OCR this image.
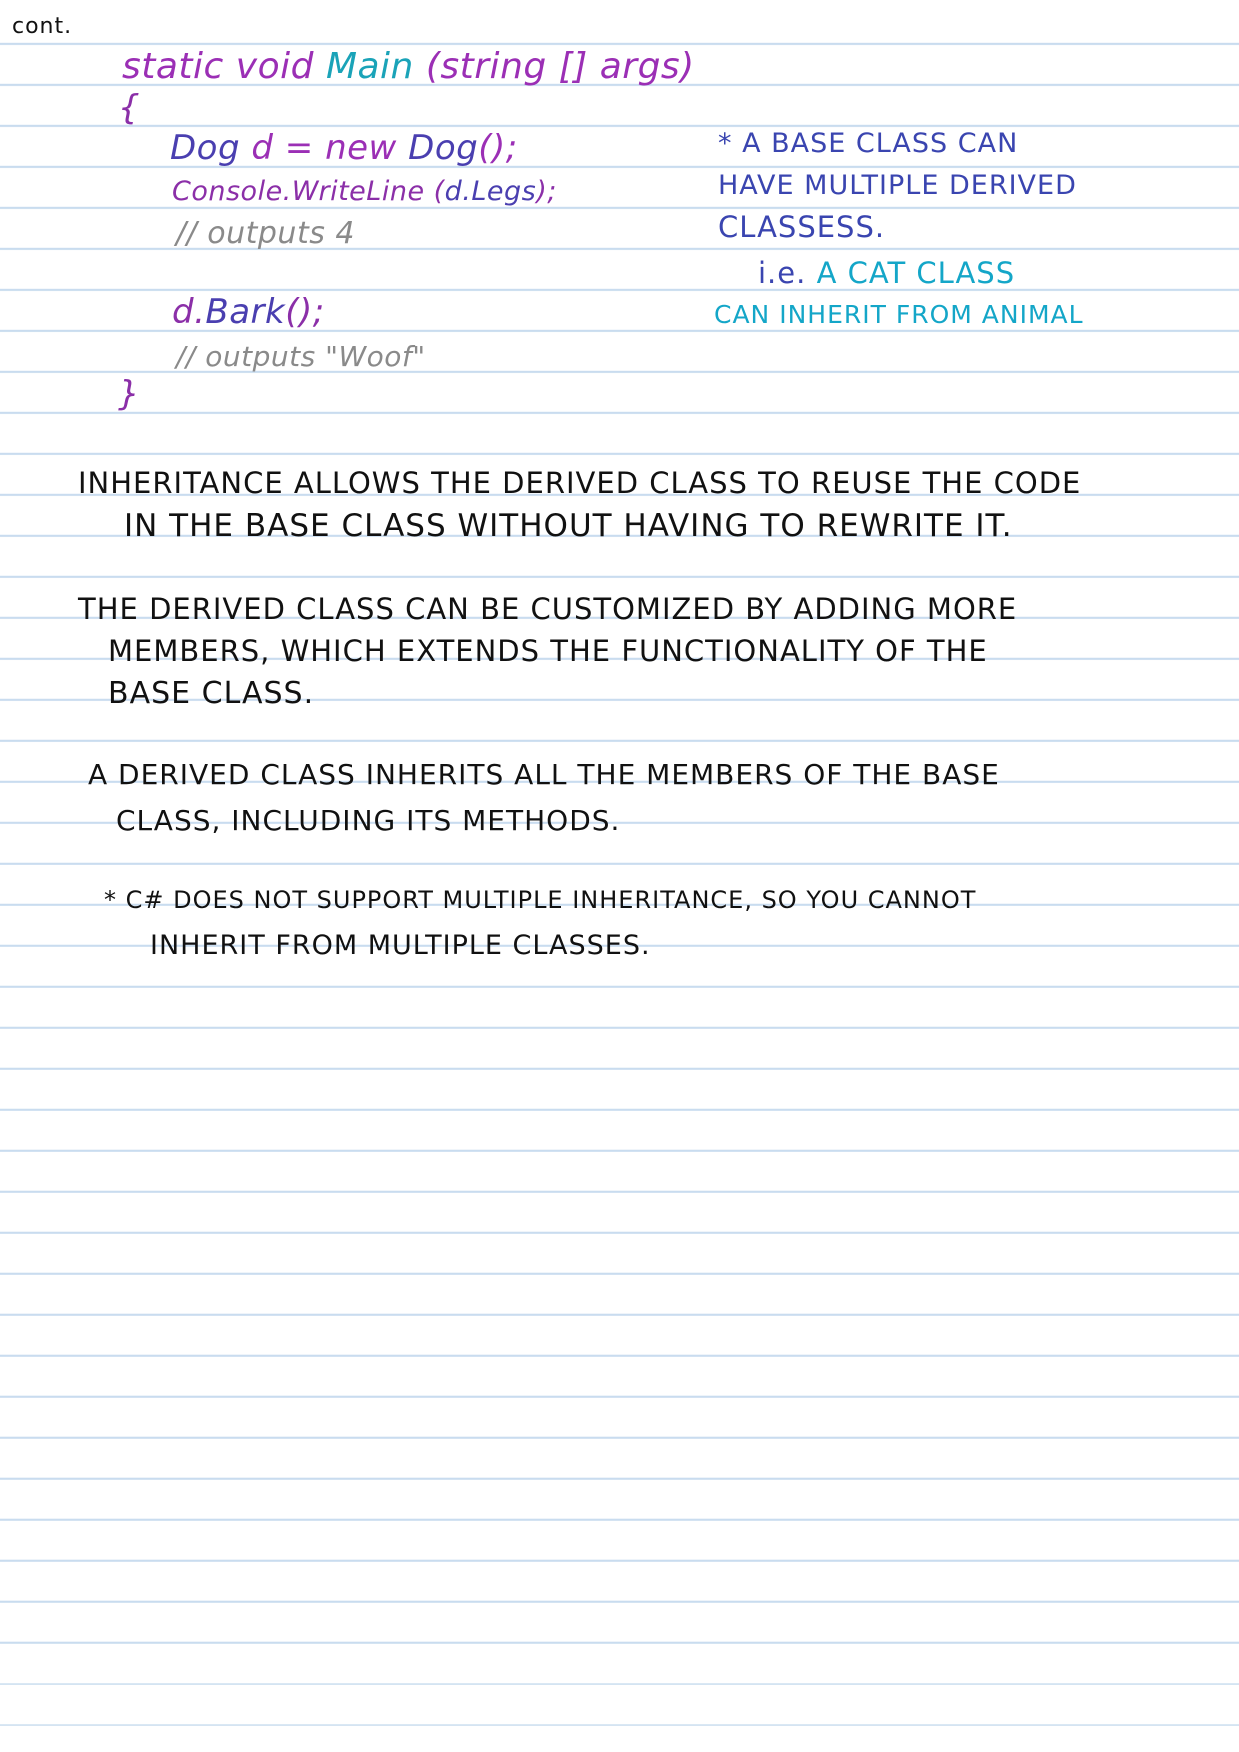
cont.
static void Main (string [] args)
{
Dog d = new Dog();
Console.WriteLine (d.Legs);
// outputs 4
d.Bark();
// outputs "Woof"
}
* A BASE CLASS CAN
HAVE MULTIPLE DERIVED
CLASSESS.
i.e. A CAT CLASS
CAN INHERIT FROM ANIMAL
INHERITANCE ALLOWS THE DERIVED CLASS TO REUSE THE CODE
IN THE BASE CLASS WITHOUT HAVING TO REWRITE IT.
THE DERIVED CLASS CAN BE CUSTOMIZED BY ADDING MORE
MEMBERS, WHICH EXTENDS THE FUNCTIONALITY OF THE
BASE CLASS.
A DERIVED CLASS INHERITS ALL THE MEMBERS OF THE BASE
CLASS, INCLUDING ITS METHODS.
* C# DOES NOT SUPPORT MULTIPLE INHERITANCE, SO YOU CANNOT
INHERIT FROM MULTIPLE CLASSES.
